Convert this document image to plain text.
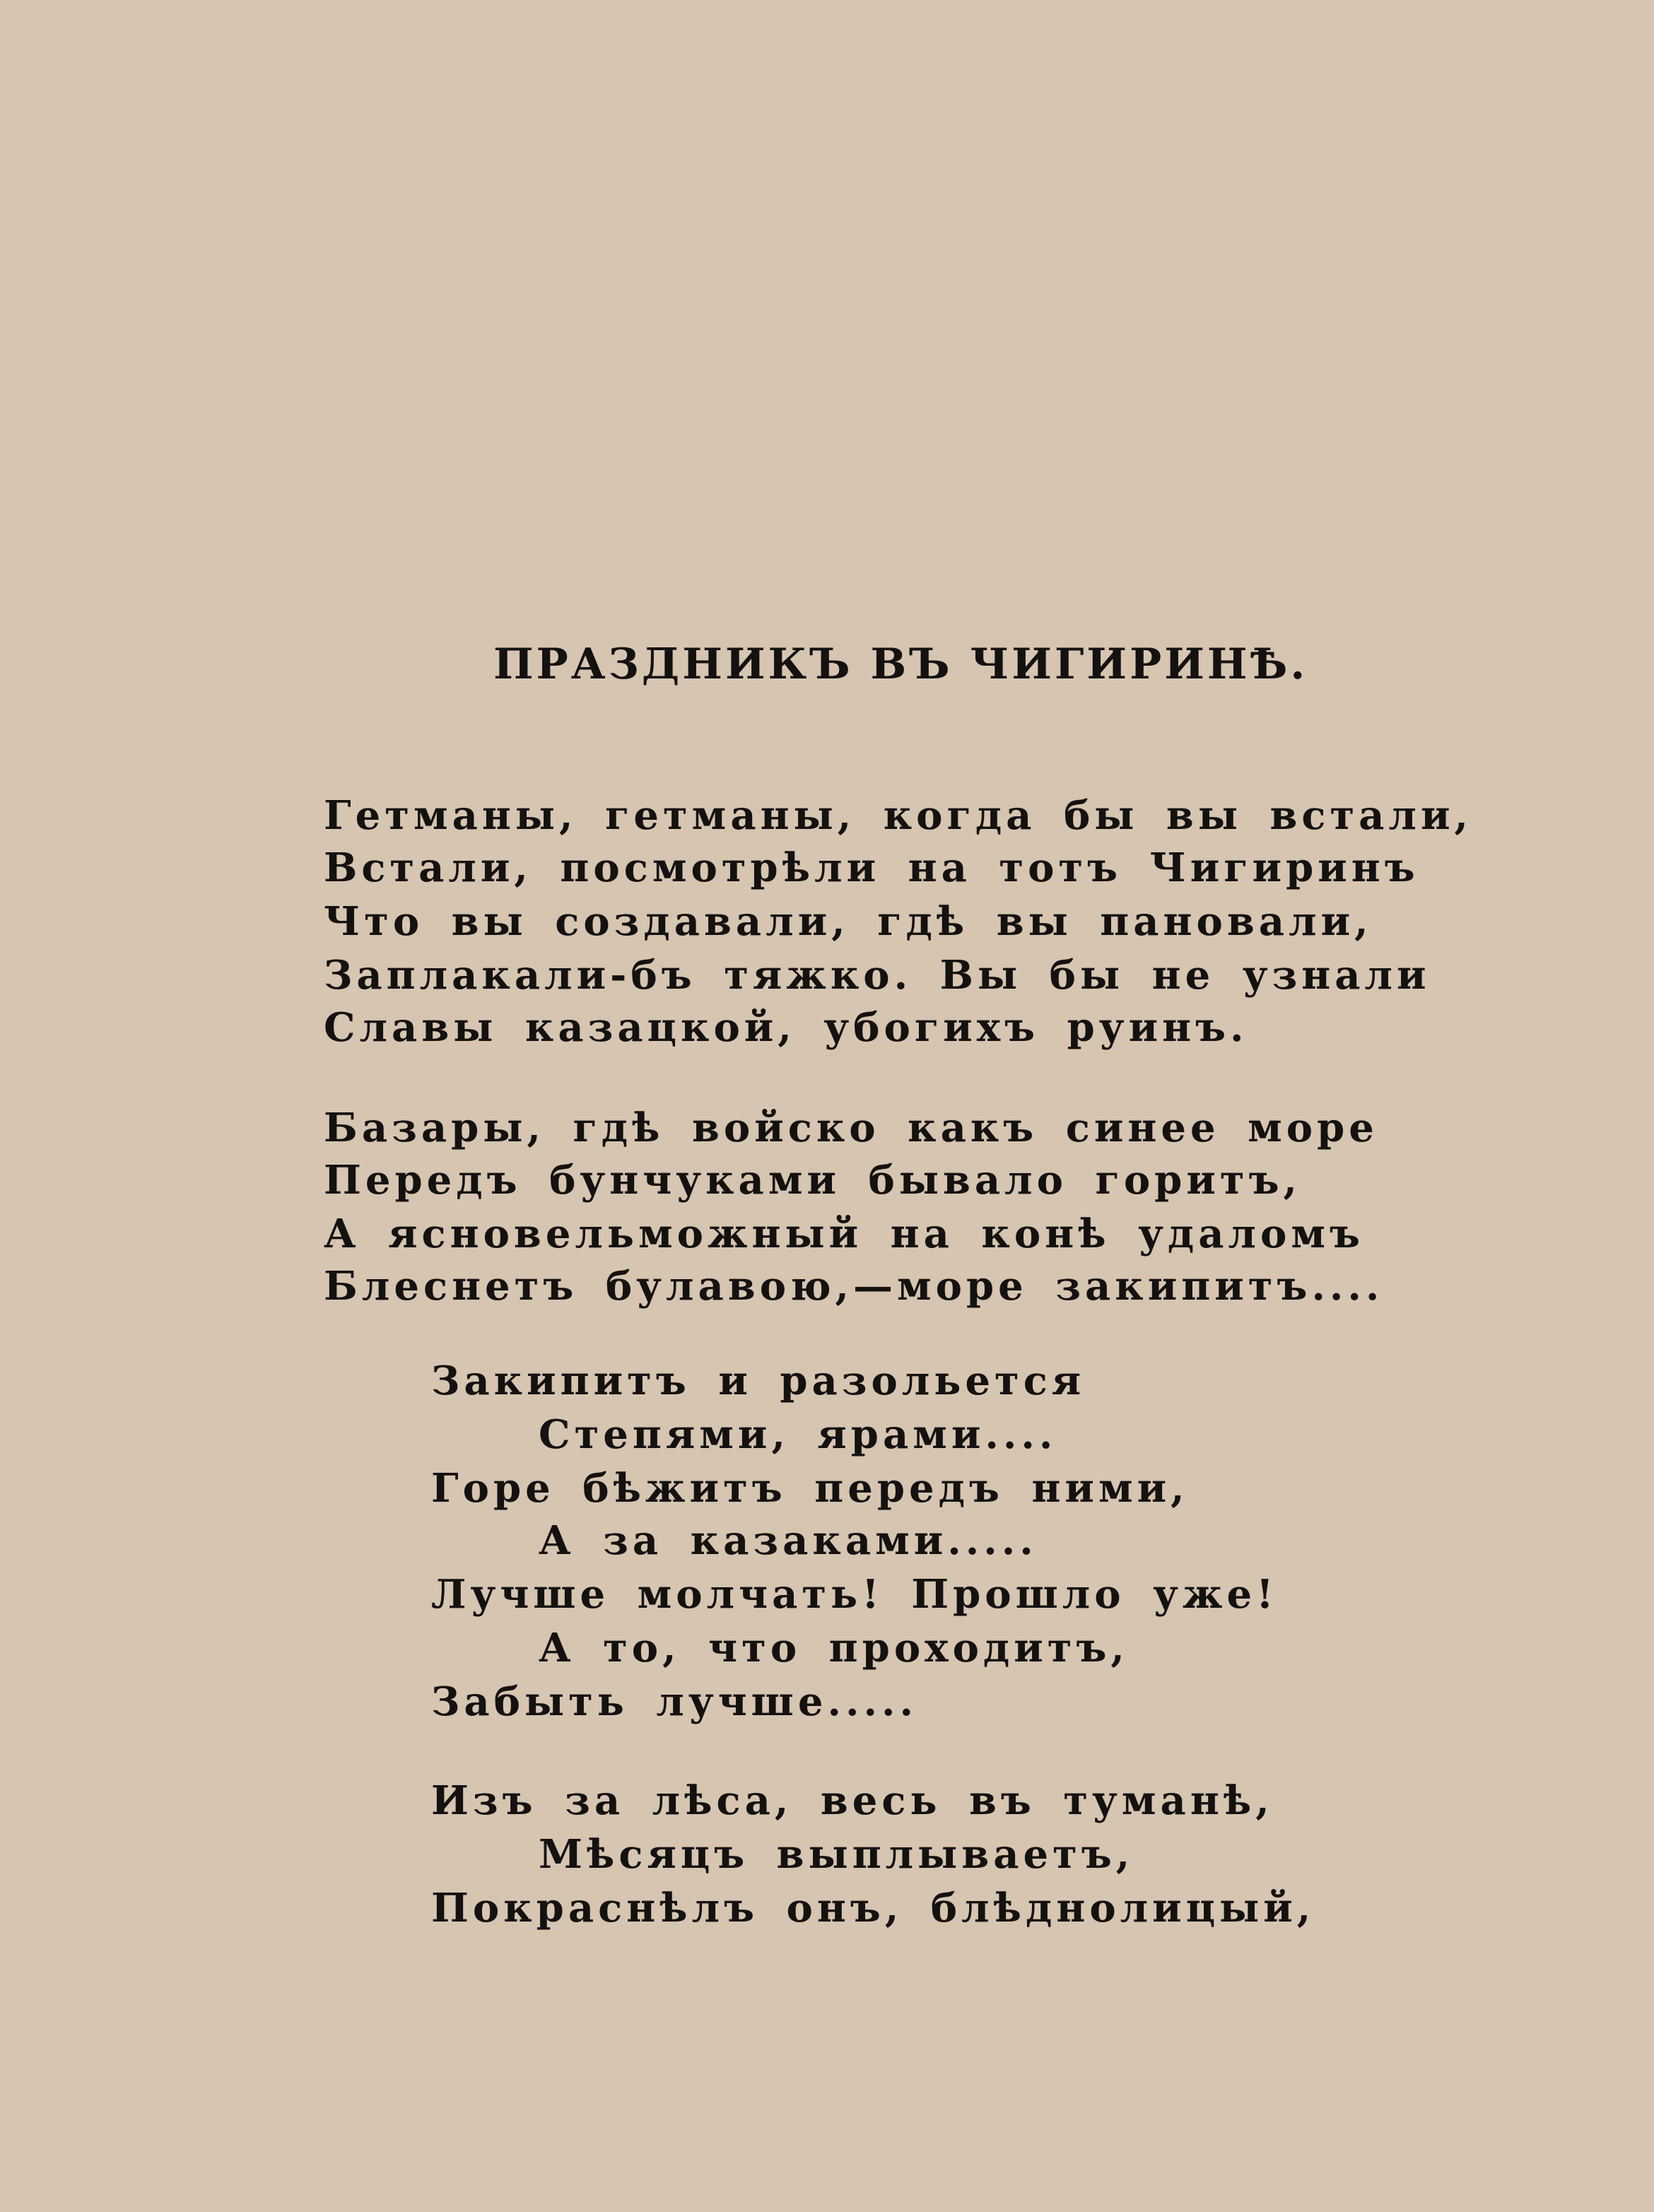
ПРАЗДНИКЪ ВЪ ЧИГИРИНѢ.

Гетманы, гетманы, когда бы вы встали,

Встали, посмотрѣли на тотъ Чигиринъ

Что вы создавали, гдѣ вы пановали,

Заплакали-бъ тяжко. Вы бы не узнали

Славы казацкой, убогихъ руинъ.

Базары, гдѣ войско какъ синее море

Передъ бунчуками бывало горитъ,

А ясновельможный на конѣ удаломъ

Блеснетъ булавою,—море закипитъ....

Закипитъ и разольется

Степями, ярами....

Горе бѣжитъ передъ ними,

А за казаками.....

Лучше молчать! Прошло уже!

А то, что проходитъ,

Забыть лучше.....

Изъ за лѣса, весь въ туманѣ,

Мѣсяцъ выплываетъ,

Покраснѣлъ онъ, блѣднолицый,
